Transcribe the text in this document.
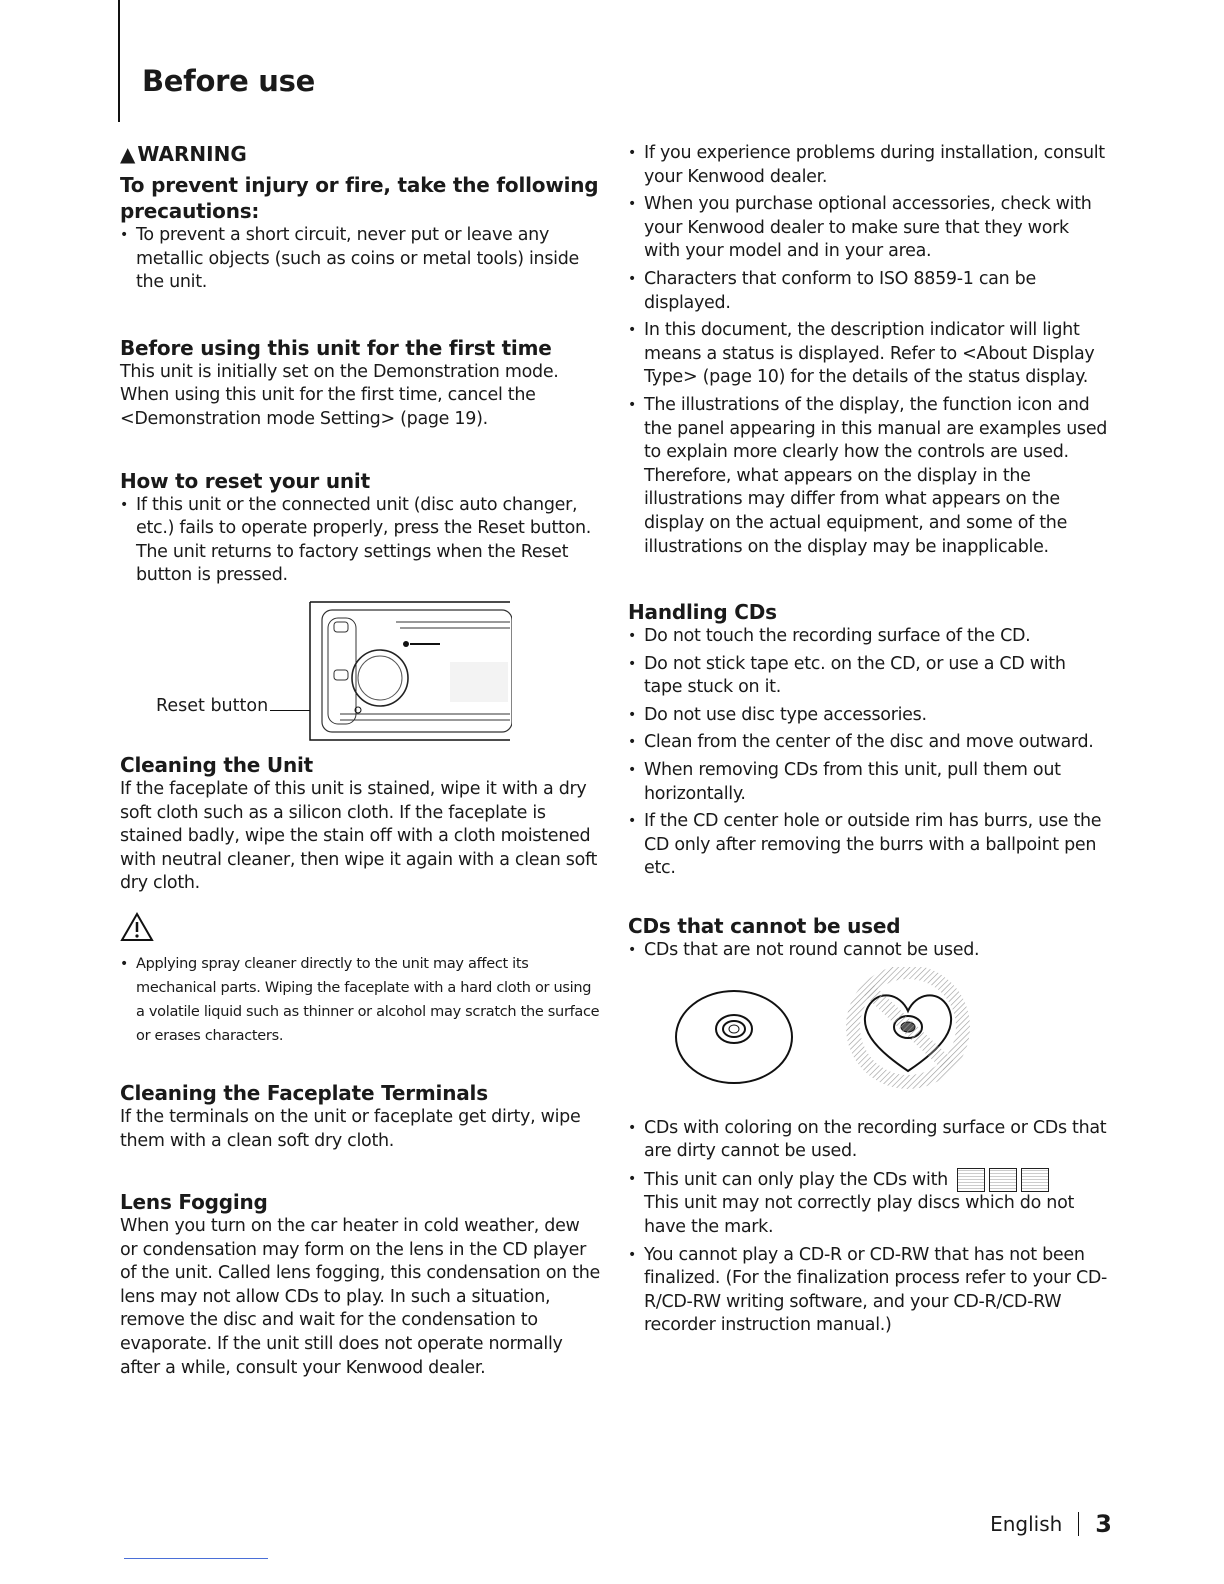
Before use
▲ WARNING
To prevent injury or fire, take the following precautions:
• To prevent a short circuit, never put or leave any metallic objects (such as coins or metal tools) inside the unit.
Before using this unit for the first time

This unit is initially set on the Demonstration mode. When using this unit for the first time, cancel the <Demonstration mode Setting> (page 19).

How to reset your unit
• If this unit or the connected unit (disc auto changer, etc.) fails to operate properly, press the Reset button. The unit returns to factory settings when the Reset button is pressed.
Reset button
Cleaning the Unit

If the faceplate of this unit is stained, wipe it with a dry soft cloth such as a silicon cloth. If the faceplate is stained badly, wipe the stain off with a cloth moistened with neutral cleaner, then wipe it again with a clean soft dry cloth.

• Applying spray cleaner directly to the unit may affect its mechanical parts. Wiping the faceplate with a hard cloth or using a volatile liquid such as thinner or alcohol may scratch the surface or erases characters.
Cleaning the Faceplate Terminals

If the terminals on the unit or faceplate get dirty, wipe them with a clean soft dry cloth.

Lens Fogging

When you turn on the car heater in cold weather, dew or condensation may form on the lens in the CD player of the unit. Called lens fogging, this condensation on the lens may not allow CDs to play. In such a situation, remove the disc and wait for the condensation to evaporate. If the unit still does not operate normally after a while, consult your Kenwood dealer.

• If you experience problems during installation, consult your Kenwood dealer.
• When you purchase optional accessories, check with your Kenwood dealer to make sure that they work with your model and in your area.
• Characters that conform to ISO 8859-1 can be displayed.
• In this document, the description indicator will light means a status is displayed. Refer to <About Display Type> (page 10) for the details of the status display.
• The illustrations of the display, the function icon and the panel appearing in this manual are examples used to explain more clearly how the controls are used. Therefore, what appears on the display in the illustrations may differ from what appears on the display on the actual equipment, and some of the illustrations on the display may be inapplicable.
Handling CDs
• Do not touch the recording surface of the CD.
• Do not stick tape etc. on the CD, or use a CD with tape stuck on it.
• Do not use disc type accessories.
• Clean from the center of the disc and move outward.
• When removing CDs from this unit, pull them out horizontally.
• If the CD center hole or outside rim has burrs, use the CD only after removing the burrs with a ballpoint pen etc.
CDs that cannot be used
• CDs that are not round cannot be used.
• CDs with coloring on the recording surface or CDs that are dirty cannot be used.
• This unit can only play the CDs with

This unit may not correctly play discs which do not have the mark.
• You cannot play a CD-R or CD-RW that has not been finalized. (For the finalization process refer to your CD-R/CD-RW writing software, and your CD-R/CD-RW recorder instruction manual.)
English 3
